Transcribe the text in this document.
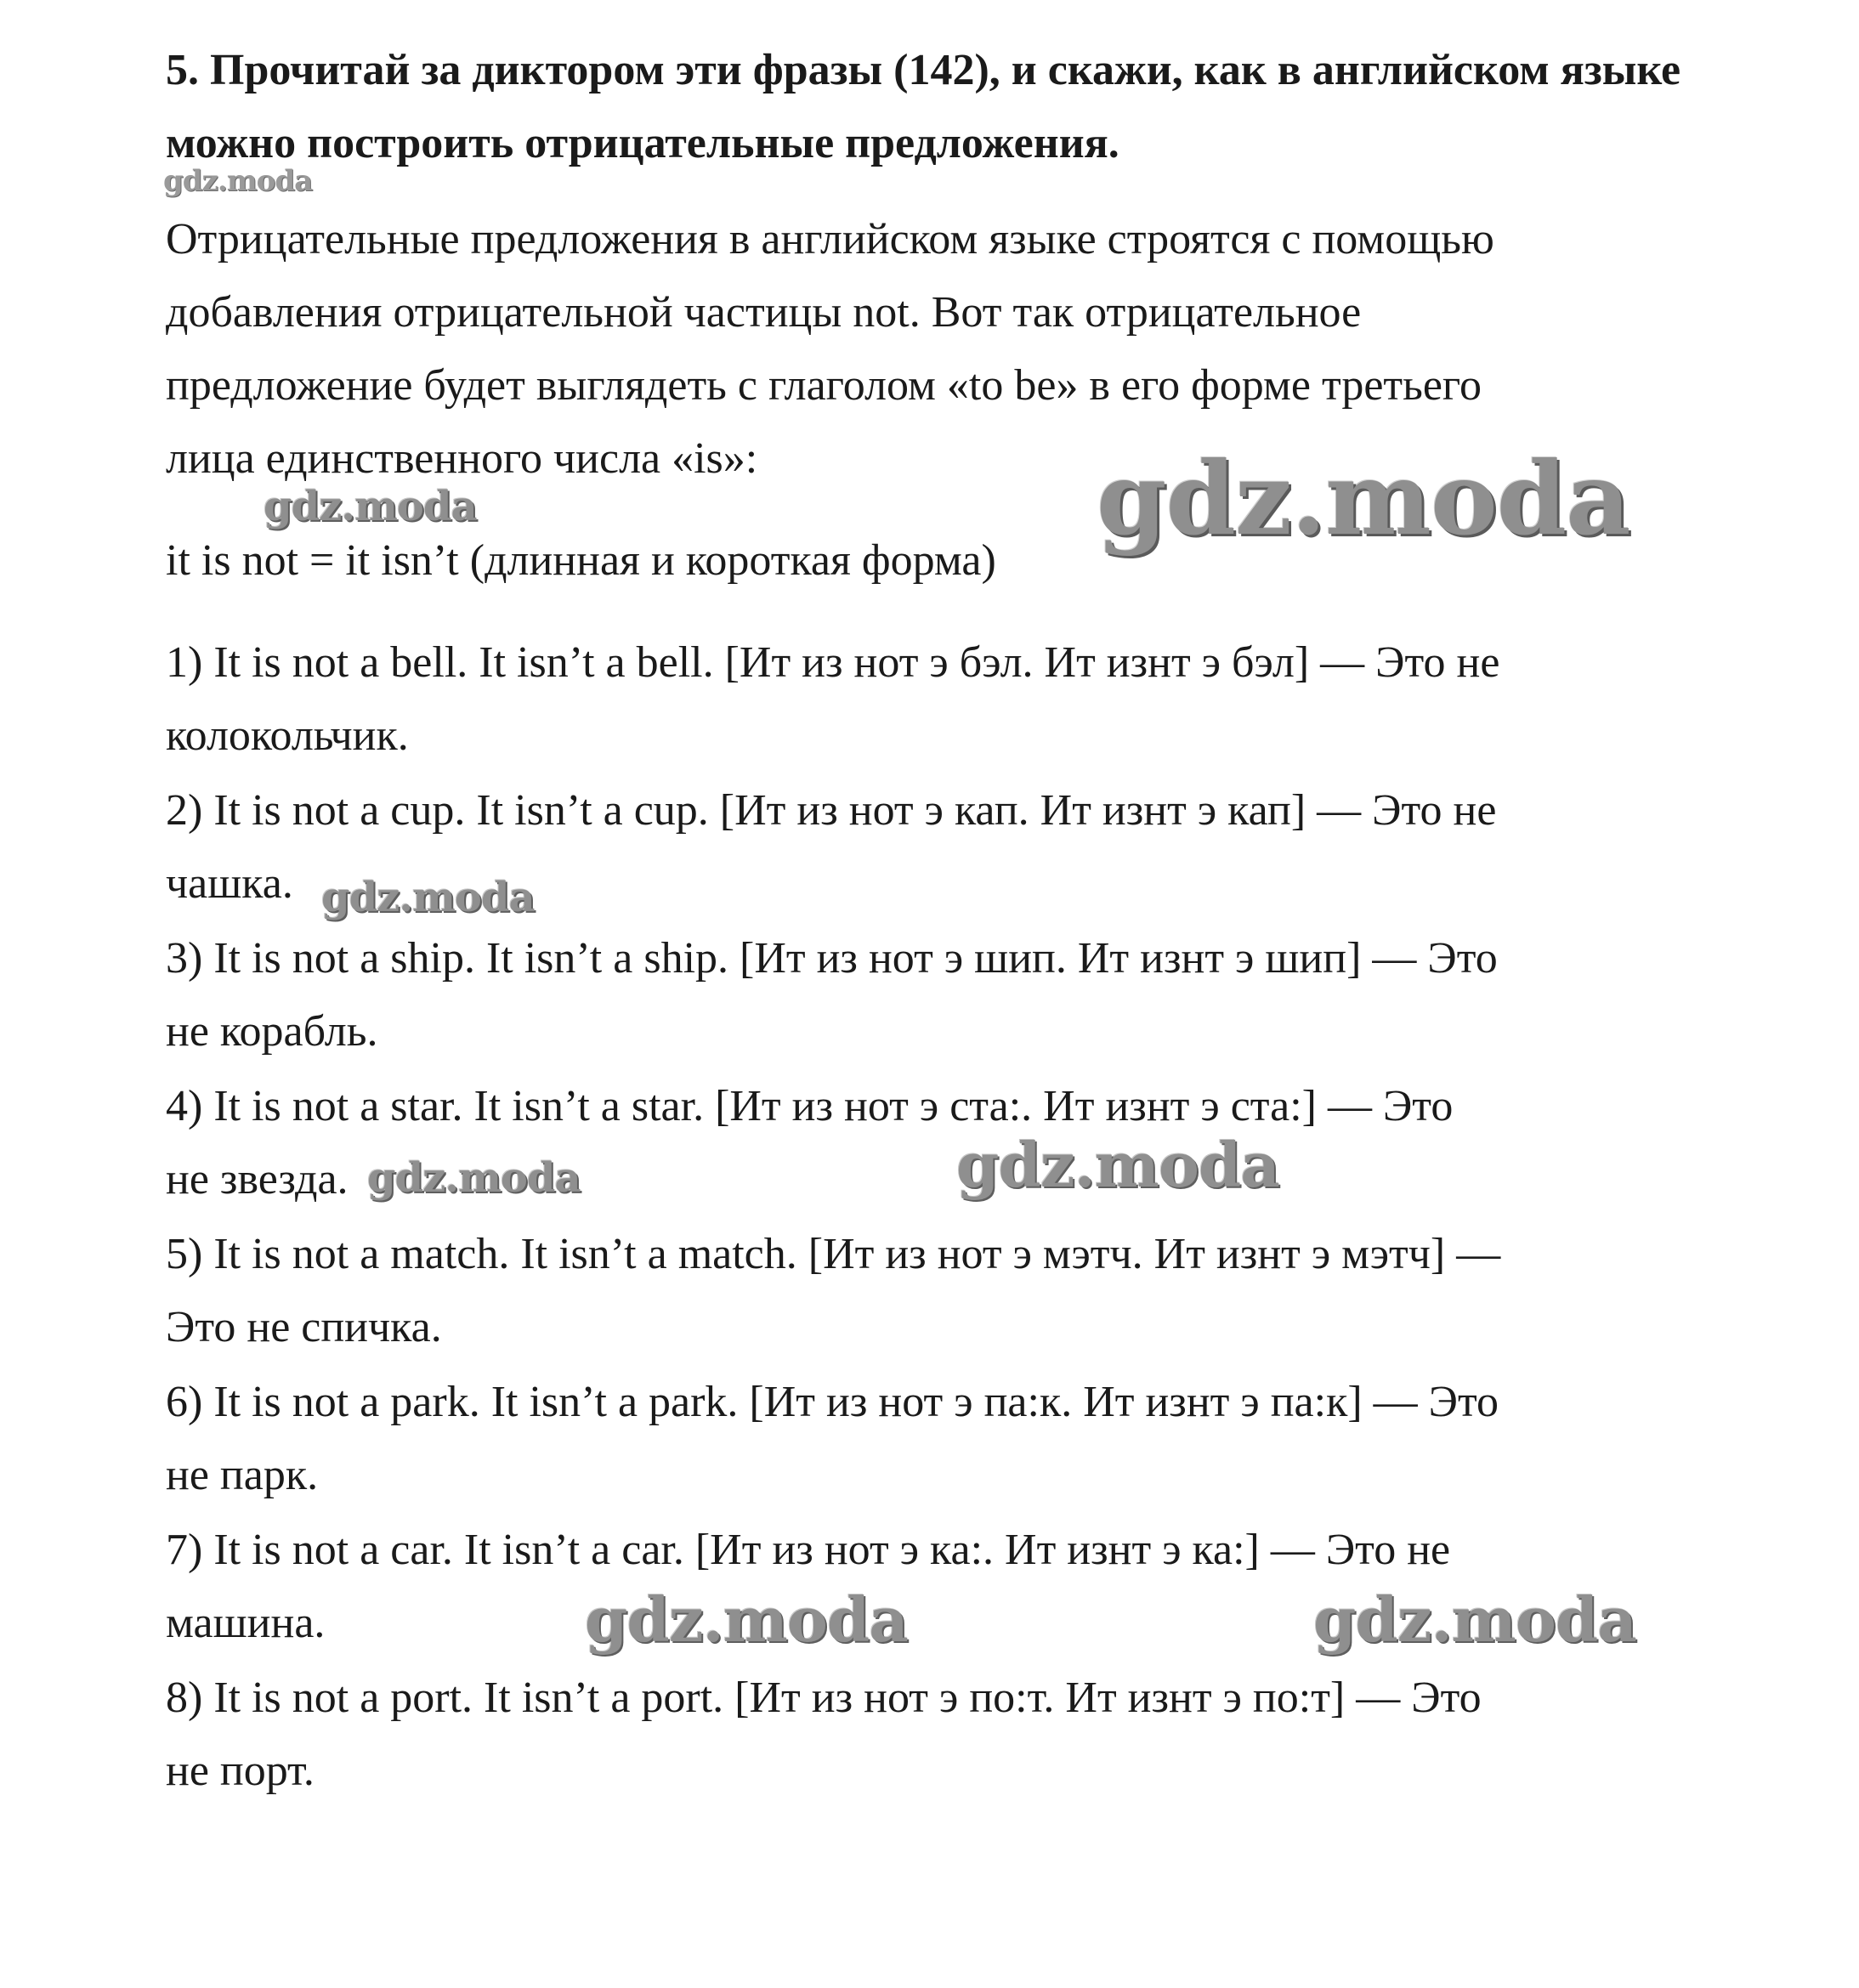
5. Прочитай за диктором эти фразы (142), и скажи, как в английском языке можно построить отрицательные предложения.

Отрицательные предложения в английском языке строятся с помощью

добавления отрицательной частицы not. Вот так отрицательное

предложение будет выглядеть с глаголом «to be» в его форме третьего

лица единственного числа «is»:

it is not = it isn’t (длинная и короткая форма)

1) It is not a bell. It isn’t a bell. [Ит из нот э бэл. Ит изнт э бэл] — Это не

колокольчик.

2) It is not a cup. It isn’t a cup. [Ит из нот э кап. Ит изнт э кап] — Это не

чашка.

3) It is not a ship. It isn’t a ship. [Ит из нот э шип. Ит изнт э шип] — Это

не корабль.

4) It is not a star. It isn’t a star. [Ит из нот э ста:. Ит изнт э ста:] — Это

не звезда.

5) It is not a match. It isn’t a match. [Ит из нот э мэтч. Ит изнт э мэтч] —

Это не спичка.

6) It is not a park. It isn’t a park. [Ит из нот э па:к. Ит изнт э па:к] — Это

не парк.

7) It is not a car. It isn’t a car. [Ит из нот э ка:. Ит изнт э ка:] — Это не

машина.

8) It is not a port. It isn’t a port. [Ит из нот э по:т. Ит изнт э по:т] — Это

не порт.

gdz.moda
gdz.moda	gdz.moda
gdz.moda
gdz.moda	gdz.moda
gdz.moda	gdz.moda
